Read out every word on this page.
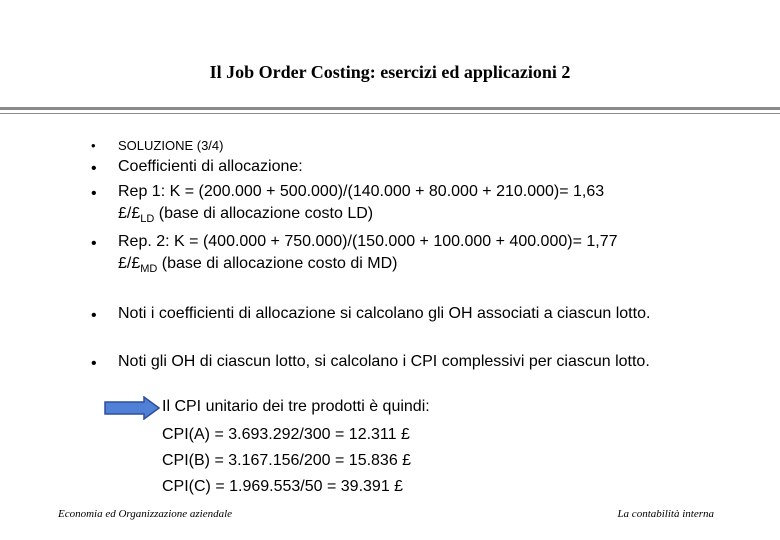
Il Job Order Costing: esercizi ed applicazioni 2
• SOLUZIONE (3/4)
• Coefficienti di allocazione:
• Rep 1: K = (200.000 + 500.000)/(140.000 + 80.000 + 210.000)= 1,63
$£/£_{LD}$ (base di allocazione costo LD)
• Rep. 2: K = (400.000 + 750.000)/(150.000 + 100.000 + 400.000)= 1,77
$£/£_{MD}$ (base di allocazione costo di MD)
• Noti i coefficienti di allocazione si calcolano gli OH associati a ciascun lotto.
• Noti gli OH di ciascun lotto, si calcolano i CPI complessivi per ciascun lotto.
Il CPI unitario dei tre prodotti è quindi:
CPI(A) = 3.693.292/300 = 12.311 £
CPI(B) = 3.167.156/200 = 15.836 £
CPI(C) = 1.969.553/50 = 39.391 £
Economia ed Organizzazione aziendale	La contabilità interna
